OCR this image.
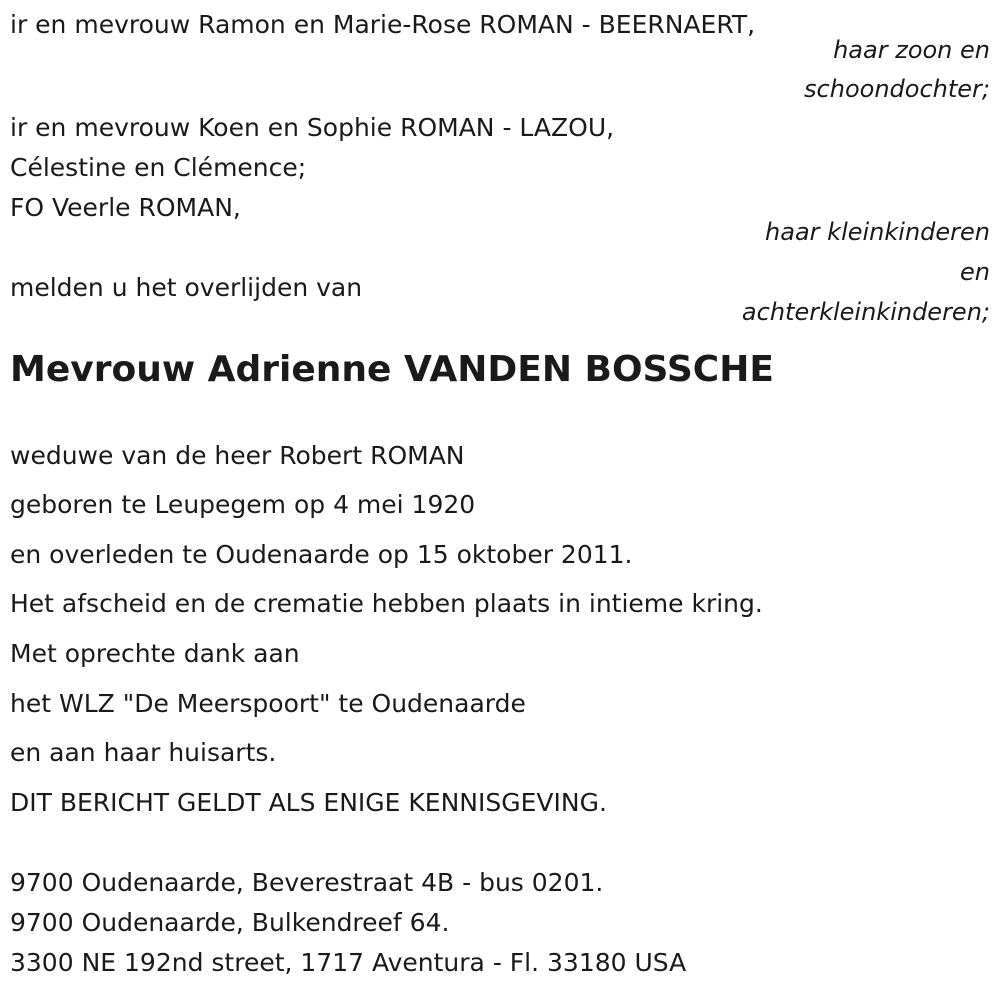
ir en mevrouw Ramon en Marie-Rose ROMAN - BEERNAERT,
haar zoon en
schoondochter;
ir en mevrouw Koen en Sophie ROMAN - LAZOU,
Célestine en Clémence;
FO Veerle ROMAN,
haar kleinkinderen
en
achterkleinkinderen;
melden u het overlijden van
Mevrouw Adrienne VANDEN BOSSCHE
weduwe van de heer Robert ROMAN
geboren te Leupegem op 4 mei 1920
en overleden te Oudenaarde op 15 oktober 2011.
Het afscheid en de crematie hebben plaats in intieme kring.
Met oprechte dank aan
het WLZ "De Meerspoort" te Oudenaarde
en aan haar huisarts.
DIT BERICHT GELDT ALS ENIGE KENNISGEVING.
9700 Oudenaarde, Beverestraat 4B - bus 0201.
9700 Oudenaarde, Bulkendreef 64.
3300 NE 192nd street, 1717 Aventura - Fl. 33180 USA
